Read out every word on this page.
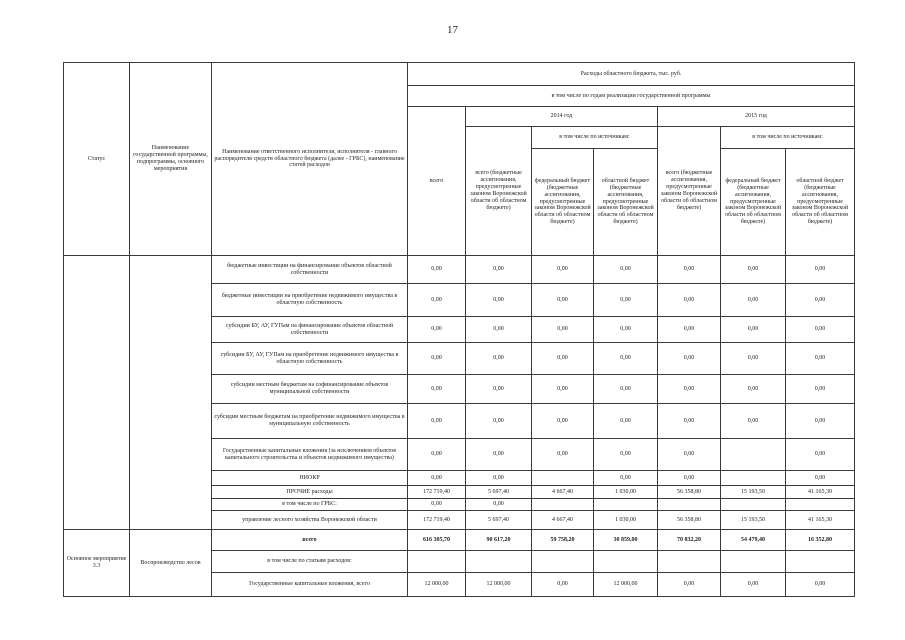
17
Статус	Наименование государственной программы, подпрограммы, основного мероприятия	Наименование ответственного исполнителя, исполнителя - главного распорядителя средств областного бюджета (далее - ГРБС), наименование статей расходов	Расходы областного бюджета, тыс. руб.						
			в том числе по годам реализации государственной программы						
			всего	2014 год			2015 год		
				всего (бюджетные ассигнования, предусмотренные законом Воронежской области об областном бюджете)	в том числе по источникам:		всего (бюджетные ассигнования, предусмотренные законом Воронежской области об областном бюджете)	в том числе по источникам:	
					федеральный бюджет (бюджетные ассигнования, предусмотренные законом Воронежской области об областном бюджете)	областной бюджет (бюджетные ассигнования, предусмотренные законом Воронежской области об областном бюджете)		федеральный бюджет (бюджетные ассигнования, предусмотренные законом Воронежской области об областном бюджете)	областной бюджет (бюджетные ассигнования, предусмотренные законом Воронежской области об областном бюджете)
		бюджетные инвестиции на финансирование объектов областной собственности	0,00	0,00	0,00	0,00	0,00	0,00	0,00
		бюджетные инвестиции на приобретение недвижимого имущества в областную собственность	0,00	0,00	0,00	0,00	0,00	0,00	0,00
		субсидии БУ, АУ, ГУПам на финансирование объектов областной собственности	0,00	0,00	0,00	0,00	0,00	0,00	0,00
		субсидии БУ, АУ, ГУПам на приобретение недвижимого имущества в областную собственность	0,00	0,00	0,00	0,00	0,00	0,00	0,00
		субсидии местным бюджетам на софинансирование объектов муниципальной собственности	0,00	0,00	0,00	0,00	0,00	0,00	0,00
		субсидии местным бюджетам на приобретение недвижимого имущества в муниципальную собственность	0,00	0,00	0,00	0,00	0,00	0,00	0,00
		Государственные капитальные вложения (за исключением объектов капитального строительства и объектов недвижимого имущества)	0,00	0,00	0,00	0,00	0,00		0,00
		НИОКР	0,00	0,00		0,00	0,00		0,00
		ПРОЧИЕ расходы	172 719,40	5 697,40	4 667,40	1 030,00	56 358,80	15 193,50	41 165,30
		в том числе по ГРБС:	0,00	0,00					
		управление лесного хозяйства Воронежской области	172 719,40	5 697,40	4 667,40	1 030,00	56 358,80	15 193,50	41 165,30
Основное мероприятие 3.3	Воспроизводство лесов	всего	616 305,70	90 617,20	59 758,20	30 859,00	70 832,20	54 479,40	16 352,80
		в том числе по статьям расходов:							
		Государственные капитальные вложения, всего	12 000,00	12 000,00	0,00	12 000,00	0,00	0,00	0,00
